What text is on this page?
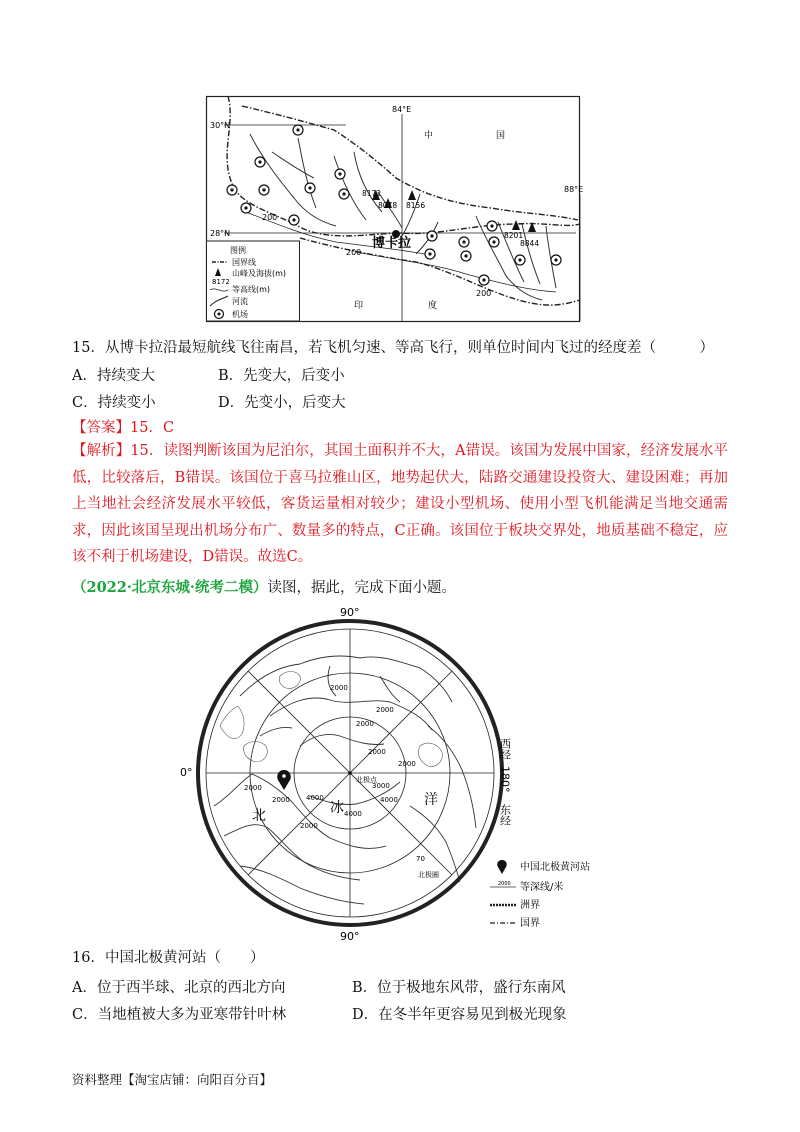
30°N
28°N
84°E
88°E
200
200
200
中	国
印	度
博卡拉
8172
8078 8156
8201
8844
图例
国界线
山峰及海拔(m)
8172
等高线(m)
河流
机场
15．从博卡拉沿最短航线飞往南昌，若飞机匀速、等高飞行，则单位时间内飞过的经度差（　　　）
A．持续变大	B．先变大，后变小
C．持续变小	D．先变小，后变大
【答案】15．C
【解析】15．读图判断该国为尼泊尔，其国土面积并不大，A错误。该国为发展中国家，经济发展水平低，比较落后，B错误。该国位于喜马拉雅山区，地势起伏大，陆路交通建设投资大、建设困难；再加上当地社会经济发展水平较低，客货运量相对较少；建设小型机场、使用小型飞机能满足当地交通需求，因此该国呈现出机场分布广、数量多的特点，C正确。该国位于板块交界处，地质基础不稳定，应该不利于机场建设，D错误。故选C。
（2022·北京东城·统考二模）读图，据此，完成下面小题。
90°
90°
0°
北极点
北极圈
70
北	冰	洋
2000
2000
2000
2000
2000
2000
3000
4000
4000
4000
2000
2000
西经
180°
东经
中国北极黄河站
2000 等深线/米
洲界
国界
16．中国北极黄河站（　　）
A．位于西半球、北京的西北方向	B．位于极地东风带，盛行东南风
C．当地植被大多为亚寒带针叶林	D．在冬半年更容易见到极光现象
资料整理【淘宝店铺：向阳百分百】
